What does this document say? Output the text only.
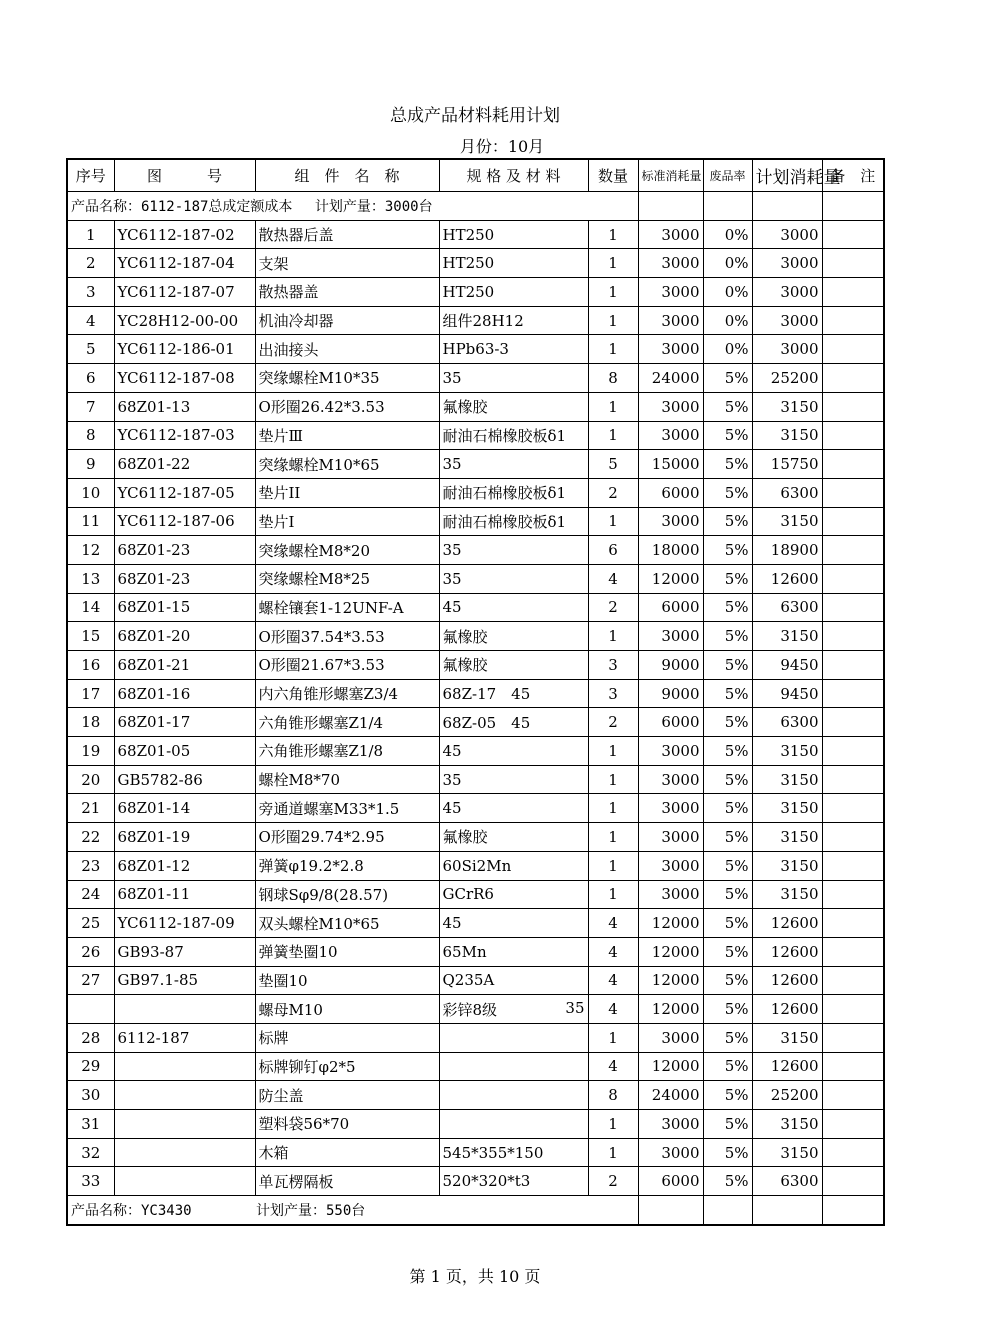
总成产品材料耗用计划
月份：10月
序号	图　　　号	组　件　名　称	规 格 及 材 料	数量	标准消耗量	废品率	计划消耗量	备　注
产品名称：6112-187总成定额成本　 计划产量：3000台								
1	YC6112-187-02	散热器后盖	HT250	1	3000	0%	3000	
2	YC6112-187-04	支架	HT250	1	3000	0%	3000	
3	YC6112-187-07	散热器盖	HT250	1	3000	0%	3000	
4	YC28H12-00-00	机油冷却器	组件28H12	1	3000	0%	3000	
5	YC6112-186-01	出油接头	HPb63-3	1	3000	0%	3000	
6	YC6112-187-08	突缘螺栓M10*35	35	8	24000	5%	25200	
7	68Z01-13	O形圈26.42*3.53	氟橡胶	1	3000	5%	3150	
8	YC6112-187-03	垫片Ⅲ	耐油石棉橡胶板δ1	1	3000	5%	3150	
9	68Z01-22	突缘螺栓M10*65	35	5	15000	5%	15750	
10	YC6112-187-05	垫片II	耐油石棉橡胶板δ1	2	6000	5%	6300	
11	YC6112-187-06	垫片I	耐油石棉橡胶板δ1	1	3000	5%	3150	
12	68Z01-23	突缘螺栓M8*20	35	6	18000	5%	18900	
13	68Z01-23	突缘螺栓M8*25	35	4	12000	5%	12600	
14	68Z01-15	螺栓镶套1-12UNF-A	45	2	6000	5%	6300	
15	68Z01-20	O形圈37.54*3.53	氟橡胶	1	3000	5%	3150	
16	68Z01-21	O形圈21.67*3.53	氟橡胶	3	9000	5%	9450	
17	68Z01-16	内六角锥形螺塞Z3/4	68Z-17　45	3	9000	5%	9450	
18	68Z01-17	六角锥形螺塞Z1/4	68Z-05　45	2	6000	5%	6300	
19	68Z01-05	六角锥形螺塞Z1/8	45	1	3000	5%	3150	
20	GB5782-86	螺栓M8*70	35	1	3000	5%	3150	
21	68Z01-14	旁通道螺塞M33*1.5	45	1	3000	5%	3150	
22	68Z01-19	O形圈29.74*2.95	氟橡胶	1	3000	5%	3150	
23	68Z01-12	弹簧φ19.2*2.8	60Si2Mn	1	3000	5%	3150	
24	68Z01-11	钢球Sφ9/8(28.57)	GCrR6	1	3000	5%	3150	
25	YC6112-187-09	双头螺栓M10*65	45	4	12000	5%	12600	
26	GB93-87	弹簧垫圈10	65Mn	4	12000	5%	12600	
27	GB97.1-85	垫圈10	Q235A	4	12000	5%	12600	
		螺母M10	彩锌8级 35	4	12000	5%	12600	
28	6112-187	标牌		1	3000	5%	3150	
29		标牌铆钉φ2*5		4	12000	5%	12600	
30		防尘盖		8	24000	5%	25200	
31		塑料袋56*70		1	3000	5%	3150	
32		木箱	545*355*150	1	3000	5%	3150	
33		单瓦楞隔板	520*320*t3	2	6000	5%	6300	
产品名称：YC3430　　　　 计划产量：550台								
第 1 页，共 10 页
